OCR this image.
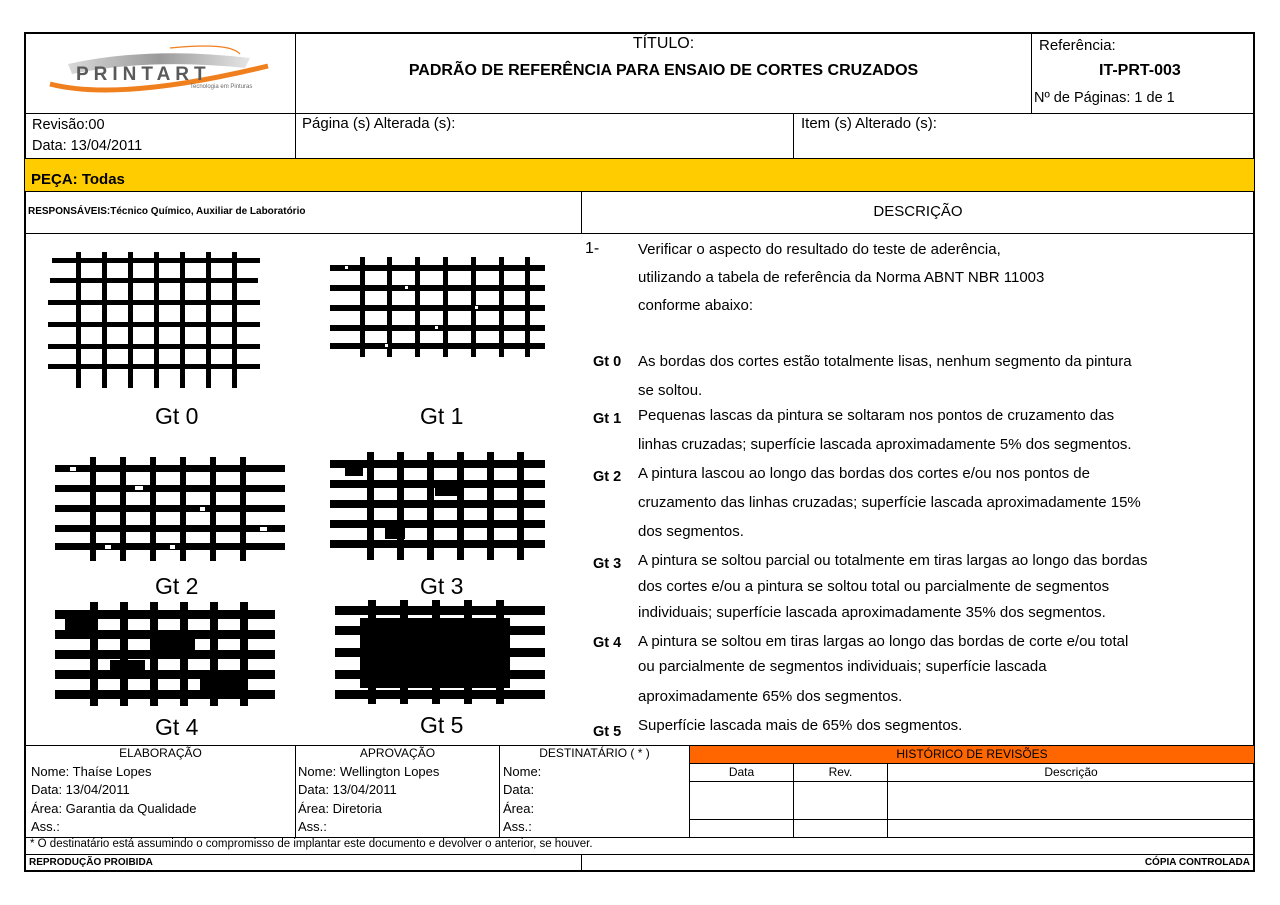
PRINTART
Tecnologia em Pinturas
TÍTULO:
PADRÃO DE REFERÊNCIA PARA ENSAIO DE CORTES CRUZADOS
Referência:
IT-PRT-003
Nº de Páginas: 1 de 1
Revisão:00
Data: 13/04/2011
Página (s) Alterada (s):	Item (s) Alterado (s):
PEÇA: Todas
RESPONSÁVEIS:Técnico Químico, Auxiliar de Laboratório	DESCRIÇÃO
Gt 0	Gt 1
Gt 2	Gt 3
Gt 4	Gt 5
1-	Verificar o aspecto do resultado do teste de aderência,
utilizando a tabela de referência da Norma ABNT NBR 11003
conforme abaixo:
Gt 0 As bordas dos cortes estão totalmente lisas, nenhum segmento da pintura
se soltou.
Gt 1 Pequenas lascas da pintura se soltaram nos pontos de cruzamento das
linhas cruzadas; superfície lascada aproximadamente 5% dos segmentos.
Gt 2 A pintura lascou ao longo das bordas dos cortes e/ou nos pontos de
cruzamento das linhas cruzadas; superfície lascada aproximadamente 15%
dos segmentos.
Gt 3 A pintura se soltou parcial ou totalmente em tiras largas ao longo das bordas
dos cortes e/ou a pintura se soltou total ou parcialmente de segmentos
individuais; superfície lascada aproximadamente 35% dos segmentos.
Gt 4 A pintura se soltou em tiras largas ao longo das bordas de corte e/ou total
ou parcialmente de segmentos individuais; superfície lascada
aproximadamente 65% dos segmentos.
Gt 5 Superfície lascada mais de 65% dos segmentos.
HISTÓRICO DE REVISÕES
Data	Rev.	Descrição
ELABORAÇÃO
Nome: Thaíse Lopes
Data: 13/04/2011
Área: Garantia da Qualidade
Ass.:
APROVAÇÃO
Nome: Wellington Lopes
Data: 13/04/2011
Área: Diretoria
Ass.:
DESTINATÁRIO ( * )
Nome:
Data:
Área:
Ass.:
* O destinatário está assumindo o compromisso de implantar este documento e devolver o anterior, se houver.
REPRODUÇÃO PROIBIDA	CÓPIA CONTROLADA
